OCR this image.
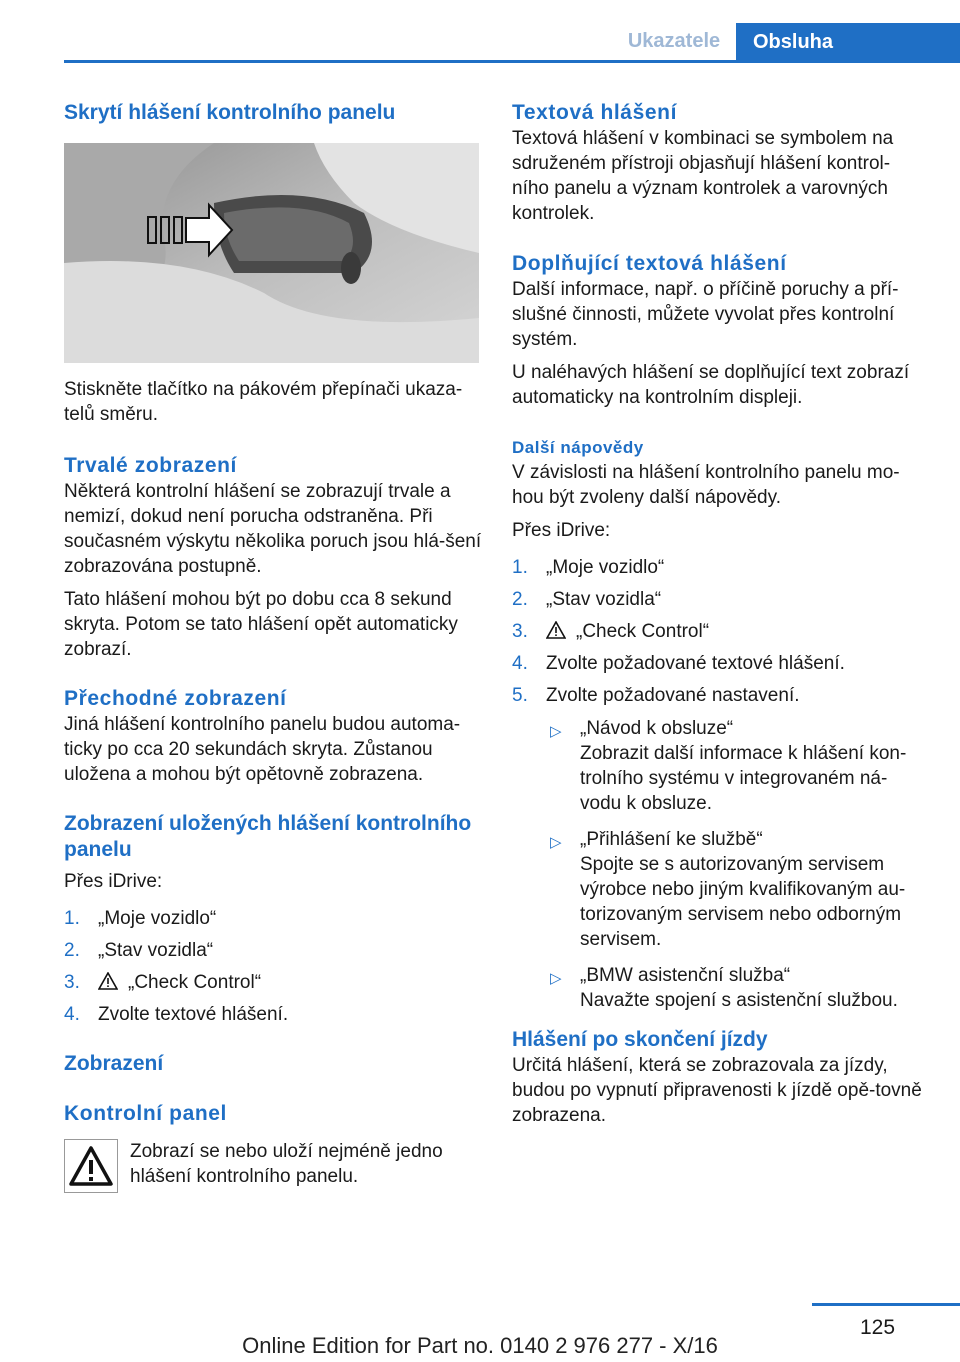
Ukazatele	Obsluha
Skrytí hlášení kontrolního panelu

Stiskněte tlačítko na pákovém přepínači ukaza-telů směru.

Trvalé zobrazení

Některá kontrolní hlášení se zobrazují trvale a nemizí, dokud není porucha odstraněna. Při současném výskytu několika poruch jsou hlá-šení zobrazována postupně.

Tato hlášení mohou být po dobu cca 8 sekund skryta. Potom se tato hlášení opět automaticky zobrazí.

Přechodné zobrazení

Jiná hlášení kontrolního panelu budou automa-ticky po cca 20 sekundách skryta. Zůstanou uložena a mohou být opětovně zobrazena.

Zobrazení uložených hlášení kontrolního panelu

Přes iDrive:

1. „Moje vozidlo“
2. „Stav vozidla“
3.	„Check Control“
4. Zvolte textové hlášení.
Zobrazení
Kontrolní panel

Zobrazí se nebo uloží nejméně jedno hlášení kontrolního panelu.

Textová hlášení

Textová hlášení v kombinaci se symbolem na sdruženém přístroji objasňují hlášení kontrol-ního panelu a význam kontrolek a varovných kontrolek.

Doplňující textová hlášení

Další informace, např. o příčině poruchy a pří-slušné činnosti, můžete vyvolat přes kontrolní systém.

U naléhavých hlášení se doplňující text zobrazí automaticky na kontrolním displeji.

Další nápovědy

V závislosti na hlášení kontrolního panelu mo-hou být zvoleny další nápovědy.

Přes iDrive:

1. „Moje vozidlo“
2. „Stav vozidla“
3.	„Check Control“
4. Zvolte požadované textové hlášení.
5. Zvolte požadované nastavení.
▷ „Návod k obsluze“
Zobrazit další informace k hlášení kon-trolního systému v integrovaném ná-vodu k obsluze.
▷ „Přihlášení ke službě“
Spojte se s autorizovaným servisem výrobce nebo jiným kvalifikovaným au-torizovaným servisem nebo odborným servisem.
▷ „BMW asistenční služba“
Navažte spojení s asistenční službou.
Hlášení po skončení jízdy

Určitá hlášení, která se zobrazovala za jízdy, budou po vypnutí připravenosti k jízdě opě-tovně zobrazena.

125
Online Edition for Part no. 0140 2 976 277 - X/16
